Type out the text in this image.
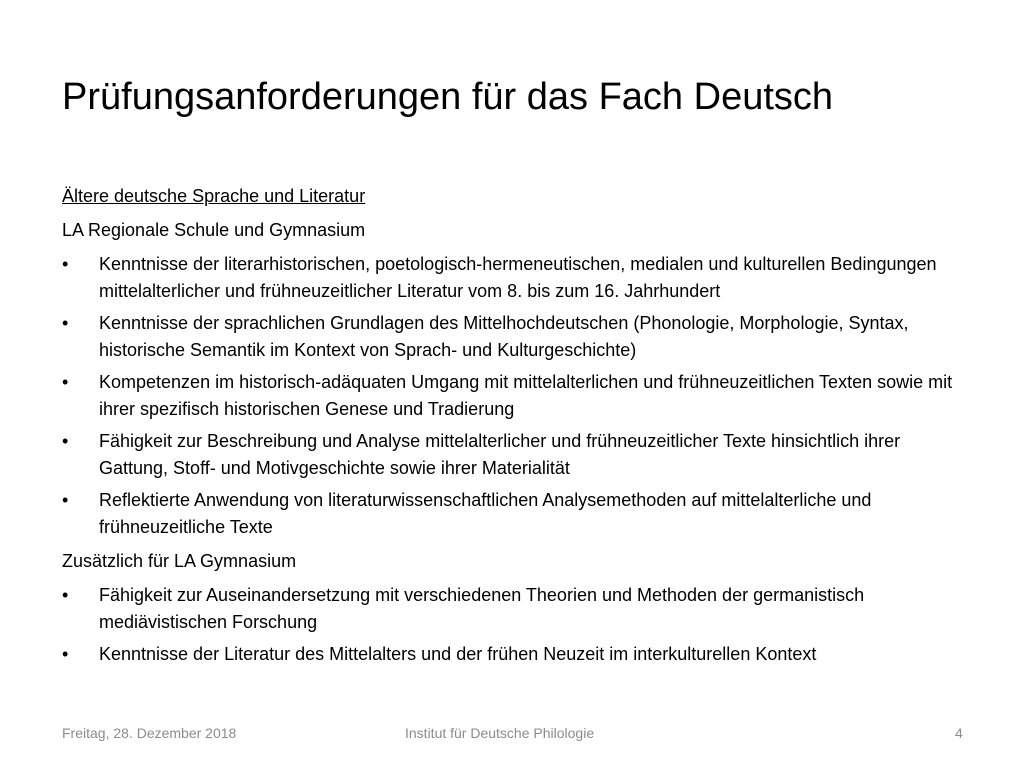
Prüfungsanforderungen für das Fach Deutsch

Ältere deutsche Sprache und Literatur

LA Regionale Schule und Gymnasium

•	Kenntnisse der literarhistorischen, poetologisch-hermeneutischen, medialen und kulturellen Bedingungen mittelalterlicher und frühneuzeitlicher Literatur vom 8. bis zum 16. Jahrhundert
•	Kenntnisse der sprachlichen Grundlagen des Mittelhochdeutschen (Phonologie, Morphologie, Syntax, historische Semantik im Kontext von Sprach- und Kulturgeschichte)
•	Kompetenzen im historisch-adäquaten Umgang mit mittelalterlichen und frühneuzeitlichen Texten sowie mit ihrer spezifisch historischen Genese und Tradierung
•	Fähigkeit zur Beschreibung und Analyse mittelalterlicher und frühneuzeitlicher Texte hinsichtlich ihrer Gattung, Stoff- und Motivgeschichte sowie ihrer Materialität
•	Reflektierte Anwendung von literaturwissenschaftlichen Analysemethoden auf mittelalterliche und frühneuzeitliche Texte

Zusätzlich für LA Gymnasium

•	Fähigkeit zur Auseinandersetzung mit verschiedenen Theorien und Methoden der germanistisch mediävistischen Forschung
•	Kenntnisse der Literatur des Mittelalters und der frühen Neuzeit im interkulturellen Kontext
Freitag, 28. Dezember 2018	Institut für Deutsche Philologie	4
